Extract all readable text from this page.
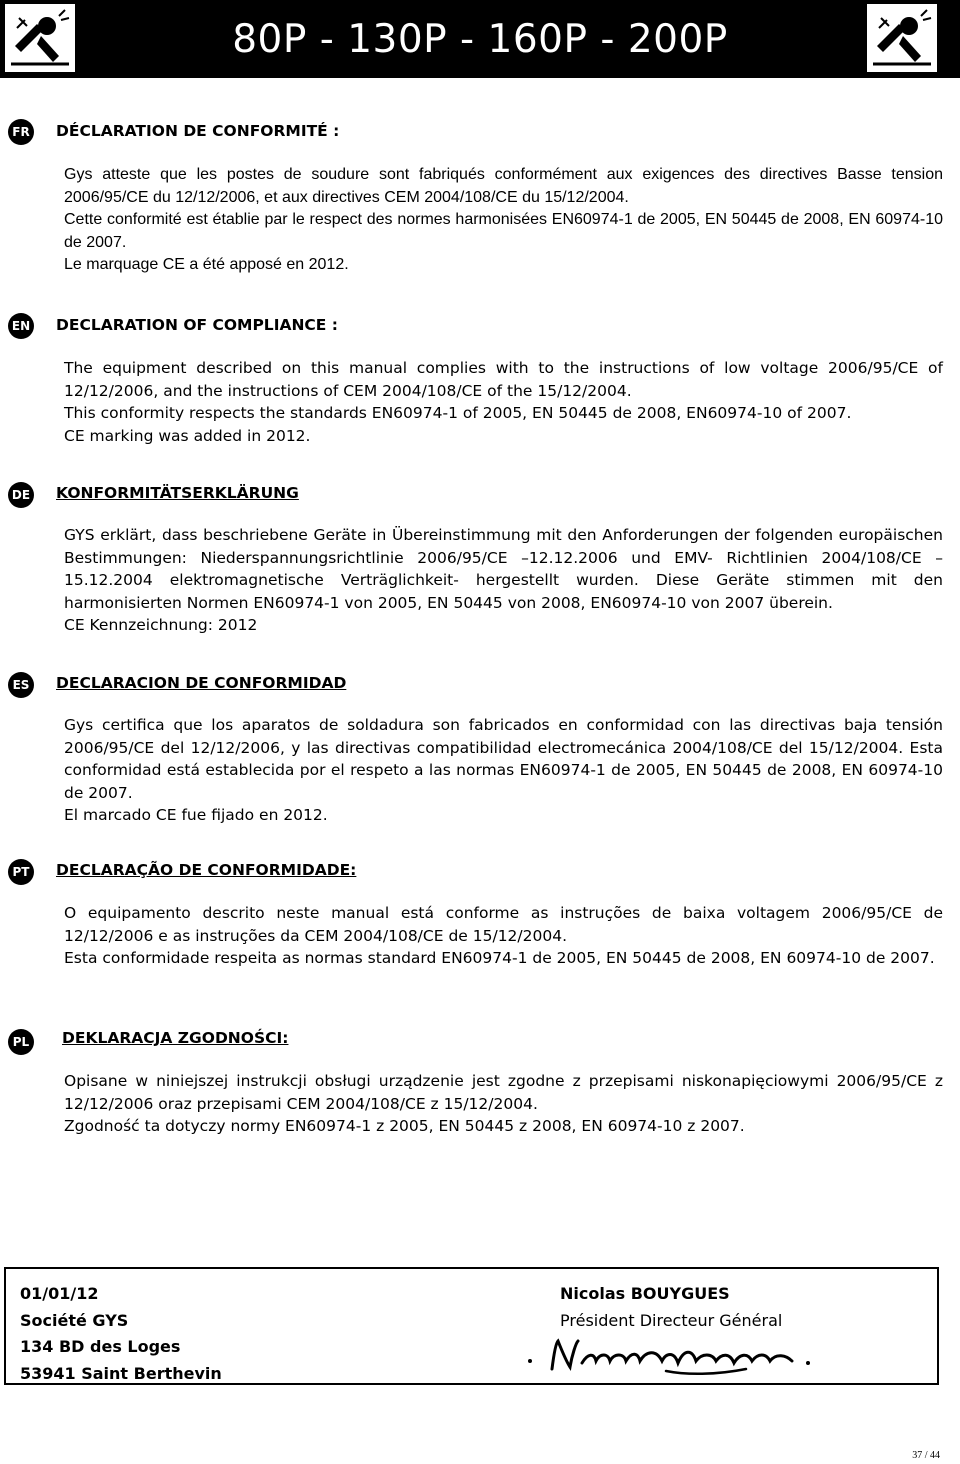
80P - 130P - 160P - 200P
FR DÉCLARATION DE CONFORMITÉ :

Gys atteste que les postes de soudure sont fabriqués conformément aux exigences des directives Basse tension 2006/95/CE du 12/12/2006, et aux directives CEM 2004/108/CE du 15/12/2004.

Cette conformité est établie par le respect des normes harmonisées EN60974-1 de 2005, EN 50445 de 2008, EN 60974-10 de 2007.

Le marquage CE a été apposé en 2012.

EN DECLARATION OF COMPLIANCE :

The equipment described on this manual complies with to the instructions of low voltage 2006/95/CE of 12/12/2006, and the instructions of CEM 2004/108/CE of the 15/12/2004.

This conformity respects the standards EN60974-1 of 2005, EN 50445 de 2008, EN60974-10 of 2007.

CE marking was added in 2012.

DE KONFORMITÄTSERKLÄRUNG

GYS erklärt, dass beschriebene Geräte in Übereinstimmung mit den Anforderungen der folgenden europäischen Bestimmungen: Niederspannungsrichtlinie 2006/95/CE –12.12.2006 und EMV- Richtlinien 2004/108/CE – 15.12.2004 elektromagnetische Verträglichkeit- hergestellt wurden. Diese Geräte stimmen mit den harmonisierten Normen EN60974-1 von 2005, EN 50445 von 2008, EN60974-10 von 2007 überein.

CE Kennzeichnung: 2012

ES DECLARACION DE CONFORMIDAD

Gys certifica que los aparatos de soldadura son fabricados en conformidad con las directivas baja tensión 2006/95/CE del 12/12/2006, y las directivas compatibilidad electromecánica 2004/108/CE del 15/12/2004. Esta conformidad está establecida por el respeto a las normas EN60974-1 de 2005, EN 50445 de 2008, EN 60974-10 de 2007.

El marcado CE fue fijado en 2012.

PT DECLARAÇÃO DE CONFORMIDADE:

O equipamento descrito neste manual está conforme as instruções de baixa voltagem 2006/95/CE de 12/12/2006 e as instruções da CEM 2004/108/CE de 15/12/2004.

Esta conformidade respeita as normas standard EN60974-1 de 2005, EN 50445 de 2008, EN 60974-10 de 2007.

PL	DEKLARACJA ZGODNOŚCI:

Opisane w niniejszej instrukcji obsługi urządzenie jest zgodne z przepisami niskonapięciowymi 2006/95/CE z 12/12/2006 oraz przepisami CEM 2004/108/CE z 15/12/2004.

Zgodność ta dotyczy normy EN60974-1 z 2005, EN 50445 z 2008, EN 60974-10 z 2007.

01/01/12
Société GYS
134 BD des Loges
53941 Saint Berthevin
Nicolas BOUYGUES
Président Directeur Général
37 / 44
